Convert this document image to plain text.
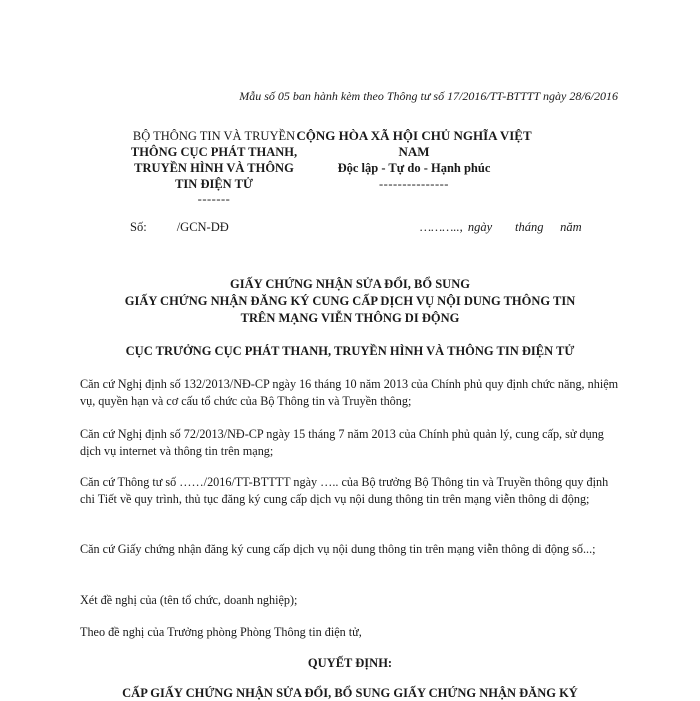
Mẫu số 05 ban hành kèm theo Thông tư số 17/2016/TT-BTTTT ngày 28/6/2016
BỘ THÔNG TIN VÀ TRUYỀN
THÔNG CỤC PHÁT THANH,
TRUYỀN HÌNH VÀ THÔNG
TIN ĐIỆN TỬ
-------
CỘNG HÒA XÃ HỘI CHỦ NGHĨA VIỆT NAM
Độc lập - Tự do - Hạnh phúc
---------------
Số: /GCN-DĐ	……….., ngày tháng năm
GIẤY CHỨNG NHẬN SỬA ĐỔI, BỔ SUNG
GIẤY CHỨNG NHẬN ĐĂNG KÝ CUNG CẤP DỊCH VỤ NỘI DUNG THÔNG TIN
TRÊN MẠNG VIỄN THÔNG DI ĐỘNG
CỤC TRƯỞNG CỤC PHÁT THANH, TRUYỀN HÌNH VÀ THÔNG TIN ĐIỆN TỬ
Căn cứ Nghị định số 132/2013/NĐ-CP ngày 16 tháng 10 năm 2013 của Chính phủ quy định chức năng, nhiệm vụ, quyền hạn và cơ cấu tổ chức của Bộ Thông tin và Truyền thông;
Căn cứ Nghị định số 72/2013/NĐ-CP ngày 15 tháng 7 năm 2013 của Chính phủ quản lý, cung cấp, sử dụng dịch vụ internet và thông tin trên mạng;
Căn cứ Thông tư số ……/2016/TT-BTTTT ngày ….. của Bộ trưởng Bộ Thông tin và Truyền thông quy định chi Tiết về quy trình, thủ tục đăng ký cung cấp dịch vụ nội dung thông tin trên mạng viễn thông di động;
Căn cứ Giấy chứng nhận đăng ký cung cấp dịch vụ nội dung thông tin trên mạng viễn thông di động số...;
Xét đề nghị của (tên tổ chức, doanh nghiệp);
Theo đề nghị của Trưởng phòng Phòng Thông tin điện tử,
QUYẾT ĐỊNH:
CẤP GIẤY CHỨNG NHẬN SỬA ĐỔI, BỔ SUNG GIẤY CHỨNG NHẬN ĐĂNG KÝ
